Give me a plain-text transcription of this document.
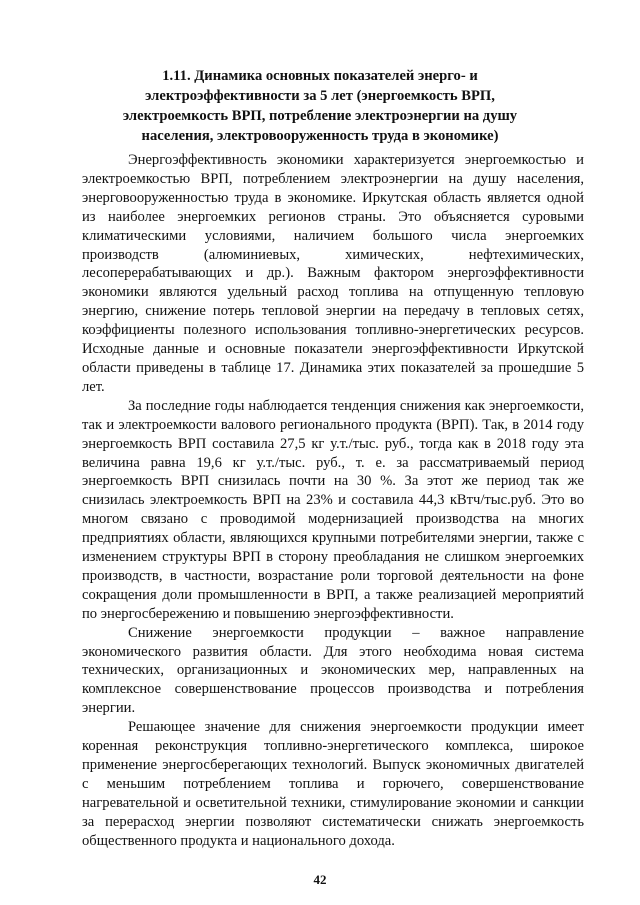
1.11. Динамика основных показателей энерго- и электроэффективности за 5 лет (энергоемкость ВРП, электроемкость ВРП, потребление электроэнергии на душу населения, электровооруженность труда в экономике)

Энергоэффективность экономики характеризуется энергоемкостью и электроемкостью ВРП, потреблением электроэнергии на душу населения, энерговооруженностью труда в экономике. Иркутская область является одной из наиболее энергоемких регионов страны. Это объясняется суровыми климатическими условиями, наличием большого числа энергоемких производств (алюминиевых, химических, нефтехимических, лесоперерабатывающих и др.). Важным фактором энергоэффективности экономики являются удельный расход топлива на отпущенную тепловую энергию, снижение потерь тепловой энергии на передачу в тепловых сетях, коэффициенты полезного использования топливно-энергетических ресурсов. Исходные данные и основные показатели энергоэффективности Иркутской области приведены в таблице 17. Динамика этих показателей за прошедшие 5 лет.

За последние годы наблюдается тенденция снижения как энергоемкости, так и электроемкости валового регионального продукта (ВРП). Так, в 2014 году энергоемкость ВРП составила 27,5 кг у.т./тыс. руб., тогда как в 2018 году эта величина равна 19,6 кг у.т./тыс. руб., т. е. за рассматриваемый период энергоемкость ВРП снизилась почти на 30 %. За этот же период так же снизилась электроемкость ВРП на 23% и составила 44,3 кВтч/тыс.руб. Это во многом связано с проводимой модернизацией производства на многих предприятиях области, являющихся крупными потребителями энергии, также с изменением структуры ВРП в сторону преобладания не слишком энергоемких производств, в частности, возрастание роли торговой деятельности на фоне сокращения доли промышленности в ВРП, а также реализацией мероприятий по энергосбережению и повышению энергоэффективности.

Снижение энергоемкости продукции – важное направление экономического развития области. Для этого необходима новая система технических, организационных и экономических мер, направленных на комплексное совершенствование процессов производства и потребления энергии.

Решающее значение для снижения энергоемкости продукции имеет коренная реконструкция топливно-энергетического комплекса, широкое применение энергосберегающих технологий. Выпуск экономичных двигателей с меньшим потреблением топлива и горючего, совершенствование нагревательной и осветительной техники, стимулирование экономии и санкции за перерасход энергии позволяют систематически снижать энергоемкость общественного продукта и национального дохода.

42
